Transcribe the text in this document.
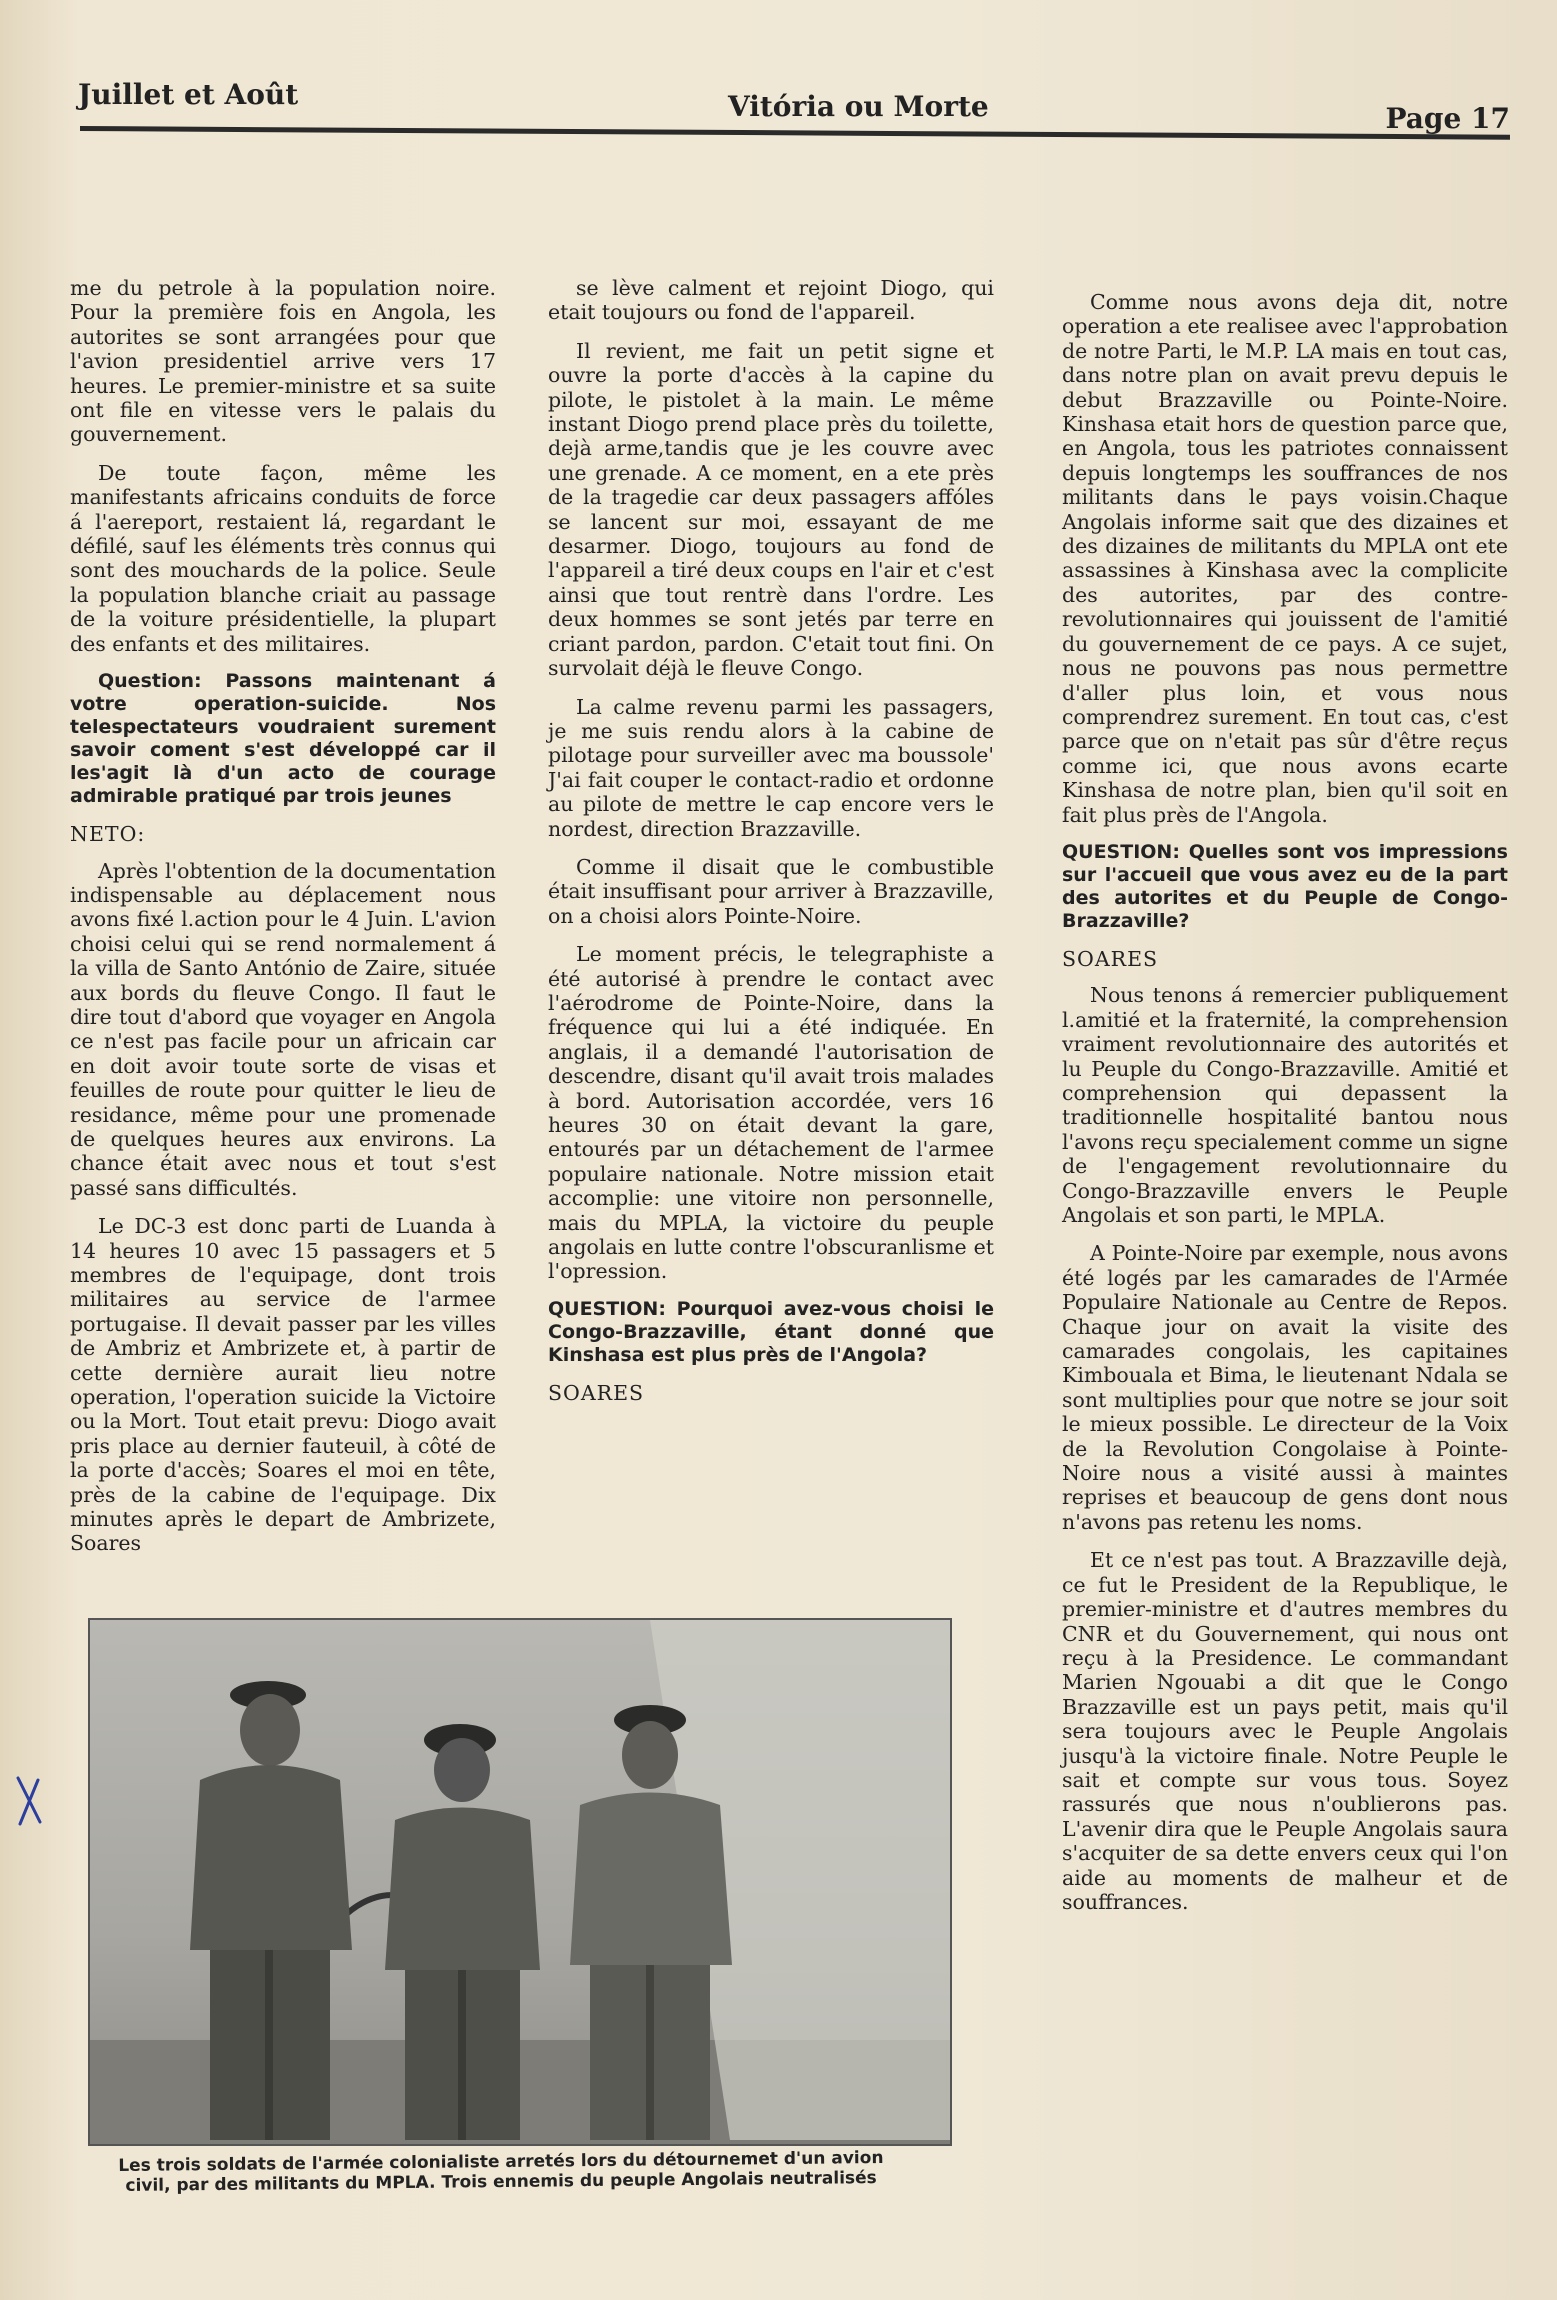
Juillet et Août	Vitória ou Morte	Page 17

me du petrole à la population noire. Pour la première fois en Angola, les autorites se sont arrangées pour que l'avion presidentiel arrive vers 17 heures. Le premier-ministre et sa suite ont file en vitesse vers le palais du gouvernement.

De toute façon, même les manifestants africains conduits de force á l'aereport, restaient lá, regardant le défilé, sauf les éléments très connus qui sont des mouchards de la police. Seule la population blanche criait au passage de la voiture présidentielle, la plupart des enfants et des militaires.

Question: Passons maintenant á votre operation-suicide. Nos telespectateurs voudraient surement savoir coment s'est développé car il les'agit là d'un acto de courage admirable pratiqué par trois jeunes

NETO:

Après l'obtention de la documentation indispensable au déplacement nous avons fixé l.action pour le 4 Juin. L'avion choisi celui qui se rend normalement á la villa de Santo António de Zaire, située aux bords du fleuve Congo. Il faut le dire tout d'abord que voyager en Angola ce n'est pas facile pour un africain car en doit avoir toute sorte de visas et feuilles de route pour quitter le lieu de residance, même pour une promenade de quelques heures aux environs. La chance était avec nous et tout s'est passé sans difficultés.

Le DC-3 est donc parti de Luanda à 14 heures 10 avec 15 passagers et 5 membres de l'equipage, dont trois militaires au service de l'armee portugaise. Il devait passer par les villes de Ambriz et Ambrizete et, à partir de cette dernière aurait lieu notre operation, l'operation suicide la Victoire ou la Mort. Tout etait prevu: Diogo avait pris place au dernier fauteuil, à côté de la porte d'accès; Soares el moi en tête, près de la cabine de l'equipage. Dix minutes après le depart de Ambrizete, Soares

se lève calment et rejoint Diogo, qui etait toujours ou fond de l'appareil.

Il revient, me fait un petit signe et ouvre la porte d'accès à la capine du pilote, le pistolet à la main. Le même instant Diogo prend place près du toilette, dejà arme,tandis que je les couvre avec une grenade. A ce moment, en a ete près de la tragedie car deux passagers affóles se lancent sur moi, essayant de me desarmer. Diogo, toujours au fond de l'appareil a tiré deux coups en l'air et c'est ainsi que tout rentrè dans l'ordre. Les deux hommes se sont jetés par terre en criant pardon, pardon. C'etait tout fini. On survolait déjà le fleuve Congo.

La calme revenu parmi les passagers, je me suis rendu alors à la cabine de pilotage pour surveiller avec ma boussole' J'ai fait couper le contact-radio et ordonne au pilote de mettre le cap encore vers le nordest, direction Brazzaville.

Comme il disait que le combustible était insuffisant pour arriver à Brazzaville, on a choisi alors Pointe-Noire.

Le moment précis, le telegraphiste a été autorisé à prendre le contact avec l'aérodrome de Pointe-Noire, dans la fréquence qui lui a été indiquée. En anglais, il a demandé l'autorisation de descendre, disant qu'il avait trois malades à bord. Autorisation accordée, vers 16 heures 30 on était devant la gare, entourés par un détachement de l'armee populaire nationale. Notre mission etait accomplie: une vitoire non personnelle, mais du MPLA, la victoire du peuple angolais en lutte contre l'obscuranlisme et l'opression.

QUESTION: Pourquoi avez-vous choisi le Congo-Brazzaville, étant donné que Kinshasa est plus près de l'Angola?

SOARES

Comme nous avons deja dit, notre operation a ete realisee avec l'approbation de notre Parti, le M.P. LA mais en tout cas, dans notre plan on avait prevu depuis le debut Brazzaville ou Pointe-Noire. Kinshasa etait hors de question parce que, en Angola, tous les patriotes connaissent depuis longtemps les souffrances de nos militants dans le pays voisin.Chaque Angolais informe sait que des dizaines et des dizaines de militants du MPLA ont ete assassines à Kinshasa avec la complicite des autorites, par des contre-revolutionnaires qui jouissent de l'amitié du gouvernement de ce pays. A ce sujet, nous ne pouvons pas nous permettre d'aller plus loin, et vous nous comprendrez surement. En tout cas, c'est parce que on n'etait pas sûr d'être reçus comme ici, que nous avons ecarte Kinshasa de notre plan, bien qu'il soit en fait plus près de l'Angola.

QUESTION: Quelles sont vos impressions sur l'accueil que vous avez eu de la part des autorites et du Peuple de Congo-Brazzaville?

SOARES

Nous tenons á remercier publiquement l.amitié et la fraternité, la comprehension vraiment revolutionnaire des autorités et lu Peuple du Congo-Brazzaville. Amitié et comprehension qui depassent la traditionnelle hospitalité bantou nous l'avons reçu specialement comme un signe de l'engagement revolutionnaire du Congo-Brazzaville envers le Peuple Angolais et son parti, le MPLA.

A Pointe-Noire par exemple, nous avons été logés par les camarades de l'Armée Populaire Nationale au Centre de Repos. Chaque jour on avait la visite des camarades congolais, les capitaines Kimbouala et Bima, le lieutenant Ndala se sont multiplies pour que notre se jour soit le mieux possible. Le directeur de la Voix de la Revolution Congolaise à Pointe-Noire nous a visité aussi à maintes reprises et beaucoup de gens dont nous n'avons pas retenu les noms.

Et ce n'est pas tout. A Brazzaville dejà, ce fut le President de la Republique, le premier-ministre et d'autres membres du CNR et du Gouvernement, qui nous ont reçu à la Presidence. Le commandant Marien Ngouabi a dit que le Congo Brazzaville est un pays petit, mais qu'il sera toujours avec le Peuple Angolais jusqu'à la victoire finale. Notre Peuple le sait et compte sur vous tous. Soyez rassurés que nous n'oublierons pas. L'avenir dira que le Peuple Angolais saura s'acquiter de sa dette envers ceux qui l'on aide au moments de malheur et de souffrances.

Les trois soldats de l'armée colonialiste arretés lors du détournemet d'un avion civil, par des militants du MPLA. Trois ennemis du peuple Angolais neutralisés
